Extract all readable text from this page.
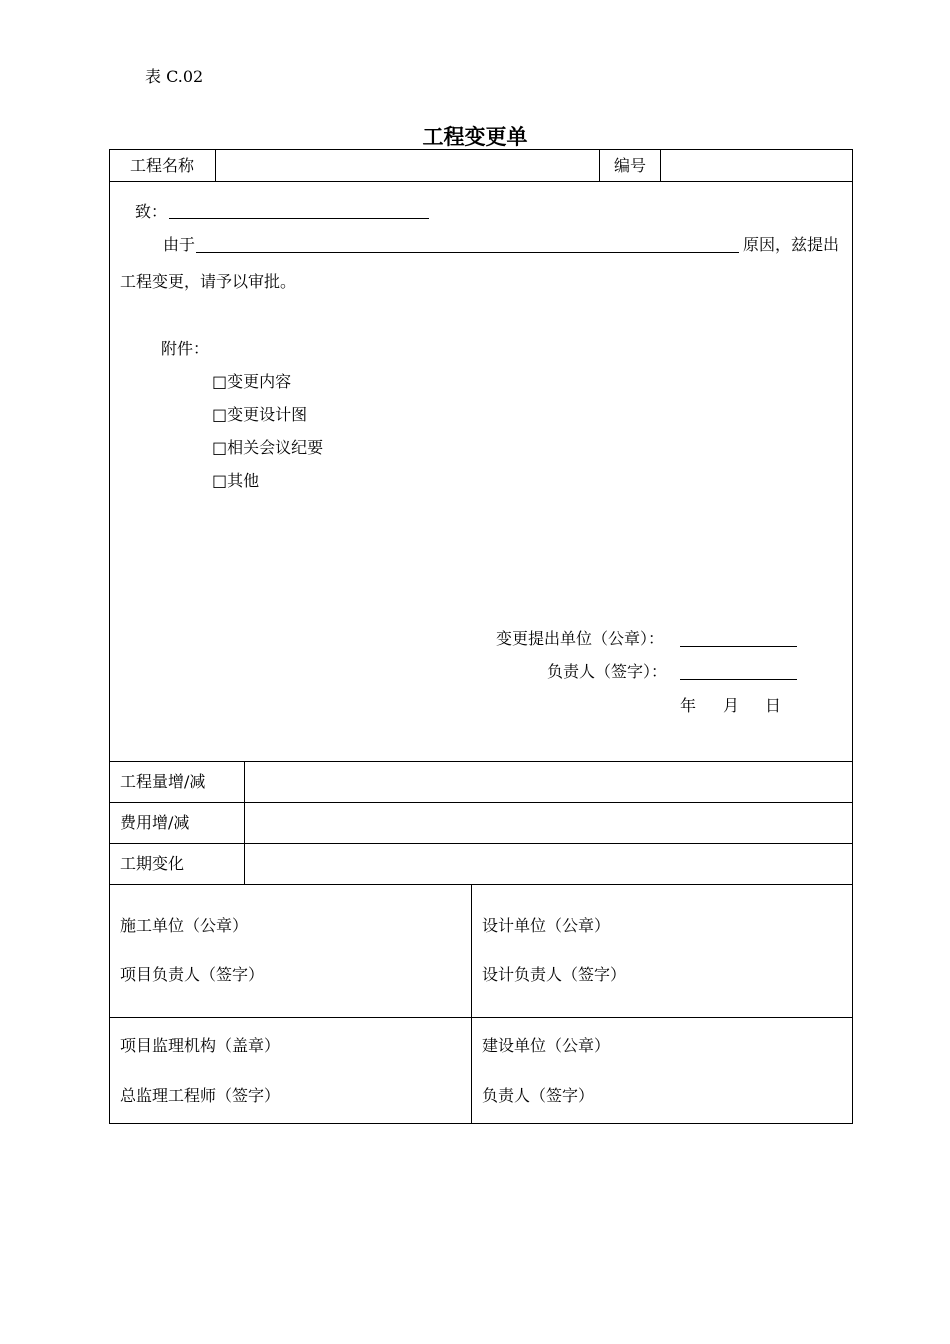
表 C.02
工程变更单
工程名称	编号
致：
由于	原因，兹提出
工程变更，请予以审批。
附件：
□变更内容
□变更设计图
□相关会议纪要
□其他
变更提出单位（公章）：
负责人（签字）：
年 月 日
工程量增/减
费用增/减
工期变化
施工单位（公章）
项目负责人（签字）
设计单位（公章）
设计负责人（签字）
项目监理机构（盖章）
总监理工程师（签字）
建设单位（公章）
负责人（签字）
